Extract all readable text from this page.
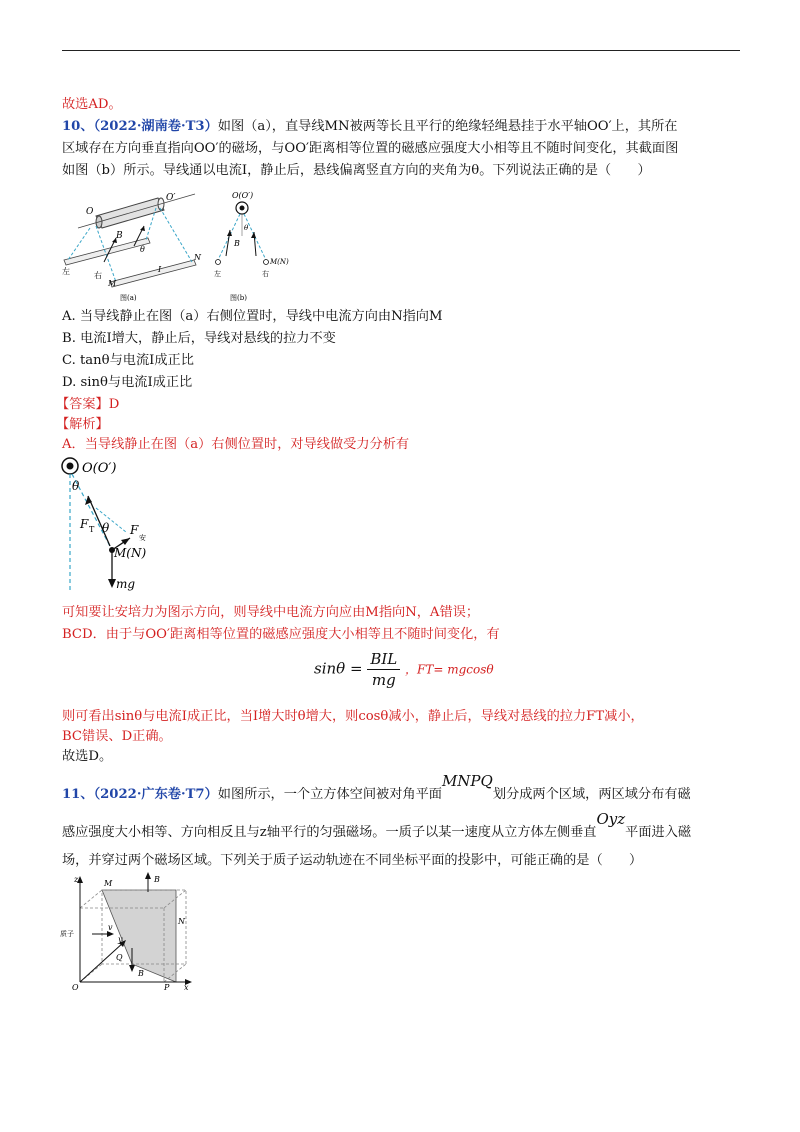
故选AD。
10、（2022·湖南卷·T3）如图（a），直导线MN被两等长且平行的绝缘轻绳悬挂于水平轴OO′上，其所在
区域存在方向垂直指向OO′的磁场，与OO′距离相等位置的磁感应强度大小相等且不随时间变化，其截面图
如图（b）所示。导线通以电流I，静止后，悬线偏离竖直方向的夹角为θ。下列说法正确的是（　　）
O
O′
B
θ
左	右
M
N
I
图(a)
O(O′)
θ
B
左	右
M(N)
图(b)
A. 当导线静止在图（a）右侧位置时，导线中电流方向由N指向M
B. 电流I增大，静止后，导线对悬线的拉力不变
C. tanθ与电流I成正比
D. sinθ与电流I成正比
【答案】D
【解析】
A．当导线静止在图（a）右侧位置时，对导线做受力分析有
O(O′)
θ
F T θ F
安
M(N)
mg
可知要让安培力为图示方向，则导线中电流方向应由M指向N，A错误；
BCD．由于与OO′距离相等位置的磁感应强度大小相等且不随时间变化，有
$\sin\theta = \frac{\text{BIL}}{mg}$ ，FT= mgcosθ
则可看出sinθ与电流I成正比，当I增大时θ增大，则cosθ减小，静止后，导线对悬线的拉力FT减小，
BC错误、D正确。
故选D。
11、（2022·广东卷·T7）如图所示，一个立方体空间被对角平面MNPQ划分成两个区域，两区域分布有磁
感应强度大小相等、方向相反且与z轴平行的匀强磁场。一质子以某一速度从立方体左侧垂直Oyz平面进入磁
场，并穿过两个磁场区域。下列关于质子运动轨迹在不同坐标平面的投影中，可能正确的是（　　）
z	M	B
N
v
y
质子
Q
B
O	P x
